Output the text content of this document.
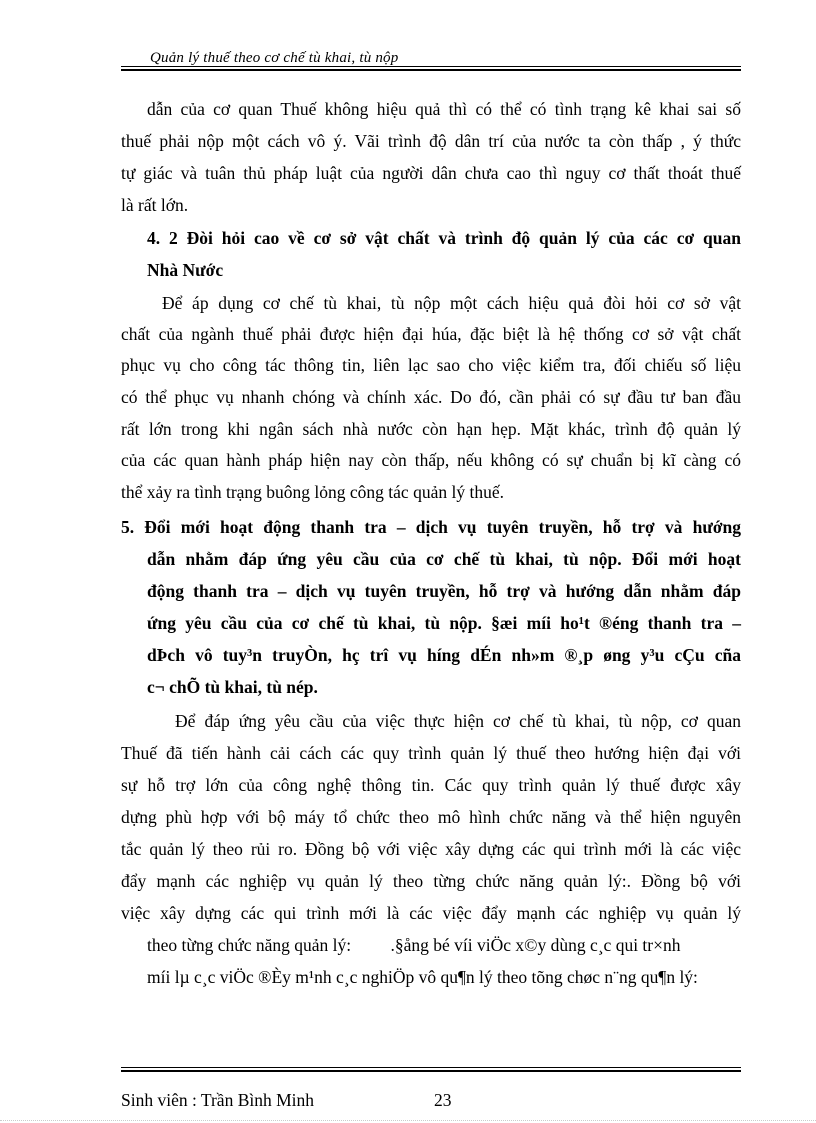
Quản lý thuế theo cơ chế tù khai, tù nộp
dẫn của cơ quan Thuế không hiệu quả thì có thể có tình trạng kê khai sai số
thuế phải nộp một cách vô ý. Vãi trình độ dân trí của nước ta còn thấp , ý thức
tự giác và tuân thủ pháp luật của người dân chưa cao thì nguy cơ thất thoát thuế
là rất lớn.
4. 2 Đòi hỏi cao về cơ sở vật chất và trình độ quản lý của các cơ quan
Nhà Nước
Để áp dụng cơ chế tù khai, tù nộp một cách hiệu quả đòi hỏi cơ sở vật
chất của ngành thuế phải được hiện đại húa, đặc biệt là hệ thống cơ sở vật chất
phục vụ cho công tác thông tin, liên lạc sao cho việc kiểm tra, đối chiếu số liệu
có thể phục vụ nhanh chóng và chính xác. Do đó, cần phải có sự đầu tư ban đầu
rất lớn trong khi ngân sách nhà nước còn hạn hẹp. Mặt khác, trình độ quản lý
của các quan hành pháp hiện nay còn thấp, nếu không có sự chuẩn bị kĩ càng có
thể xảy ra tình trạng buông lỏng công tác quản lý thuế.
5. Đổi mới hoạt động thanh tra – dịch vụ tuyên truyền, hỗ trợ và hướng
dẫn nhằm đáp ứng yêu cầu của cơ chế tù khai, tù nộp. Đổi mới hoạt
động thanh tra – dịch vụ tuyên truyền, hỗ trợ và hướng dẫn nhằm đáp
ứng yêu cầu của cơ chế tù khai, tù nộp. §æi míi ho¹t ®éng thanh tra –
dÞch vô tuy³n truyÒn, hç trî vụ híng dÉn nh»m ®¸p øng y³u cÇu cña
c¬ chÕ tù khai, tù nép.
Để đáp ứng yêu cầu của việc thực hiện cơ chế tù khai, tù nộp, cơ quan
Thuế đã tiến hành cải cách các quy trình quản lý thuế theo hướng hiện đại với
sự hỗ trợ lớn của công nghệ thông tin. Các quy trình quản lý thuế được xây
dựng phù hợp với bộ máy tổ chức theo mô hình chức năng và thể hiện nguyên
tắc quản lý theo rủi ro. Đồng bộ với việc xây dựng các qui trình mới là các việc
đẩy mạnh các nghiệp vụ quản lý theo từng chức năng quản lý:. Đồng bộ với
việc xây dựng các qui trình mới là các việc đẩy mạnh các nghiệp vụ quản lý
theo từng chức năng quản lý:         .§ång bé víi viÖc x©y dùng c¸c qui tr×nh
míi lµ c¸c viÖc ®Èy m¹nh c¸c nghiÖp vô qu¶n lý theo tõng chøc n¨ng qu¶n lý:
Sinh viên : Trần Bình Minh	23
